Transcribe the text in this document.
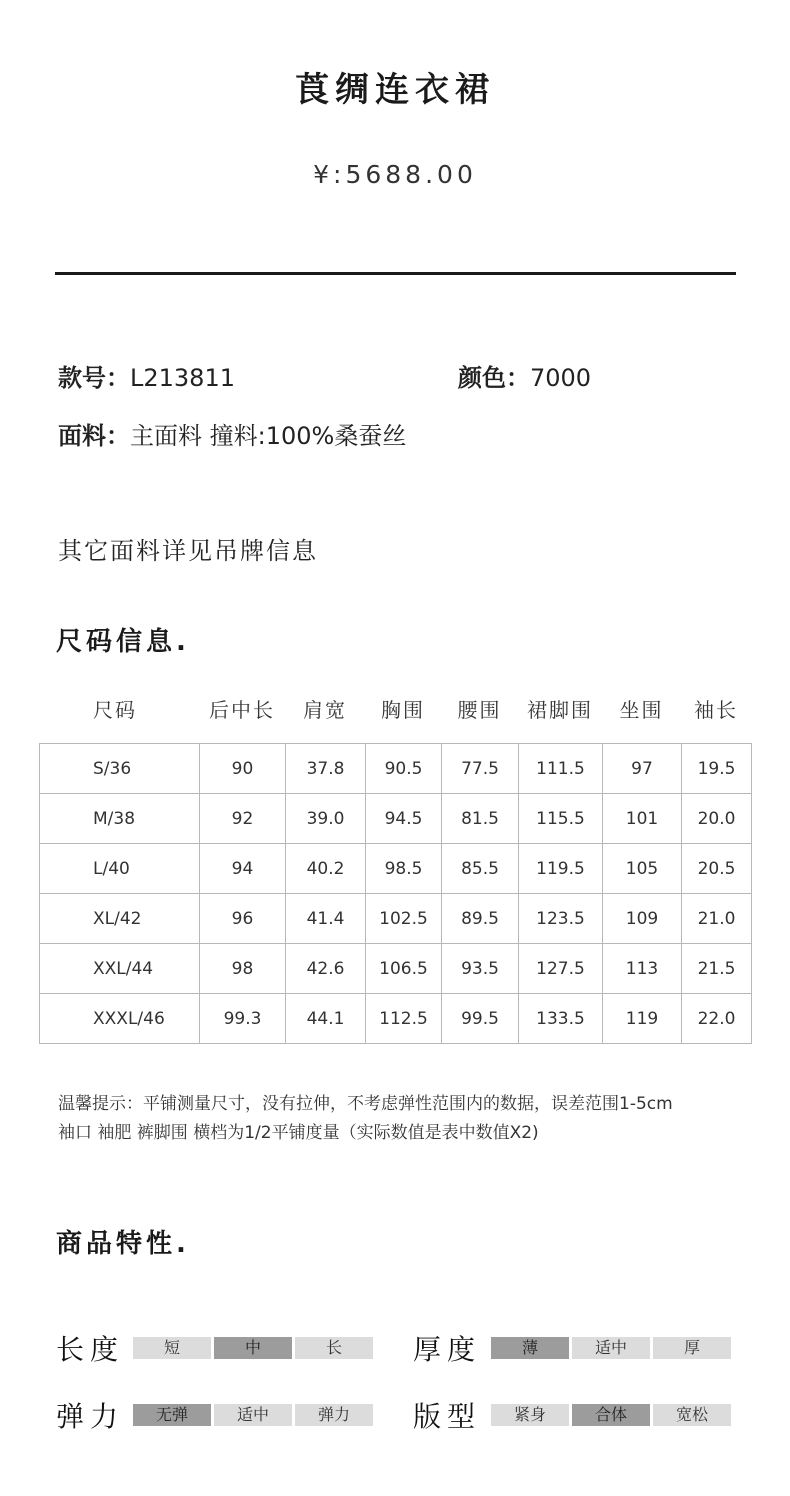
莨绸连衣裙
¥:5688.00
款号：L213811	颜色：7000
面料：主面料 撞料:100%桑蚕丝
其它面料详见吊牌信息
尺码信息.
尺码	后中长	肩宽	胸围	腰围	裙脚围	坐围	袖长
S/36	90	37.8	90.5	77.5	111.5	97	19.5
M/38	92	39.0	94.5	81.5	115.5	101	20.0
L/40	94	40.2	98.5	85.5	119.5	105	20.5
XL/42	96	41.4	102.5	89.5	123.5	109	21.0
XXL/44	98	42.6	106.5	93.5	127.5	113	21.5
XXXL/46	99.3	44.1	112.5	99.5	133.5	119	22.0
温馨提示：平铺测量尺寸，没有拉伸，不考虑弹性范围内的数据，误差范围1-5cm
袖口 袖肥 裤脚围 横档为1/2平铺度量（实际数值是表中数值X2)
商品特性.
长度	短	中	长	厚度	薄	适中	厚
弹力	无弹	适中	弹力	版型	紧身	合体	宽松
